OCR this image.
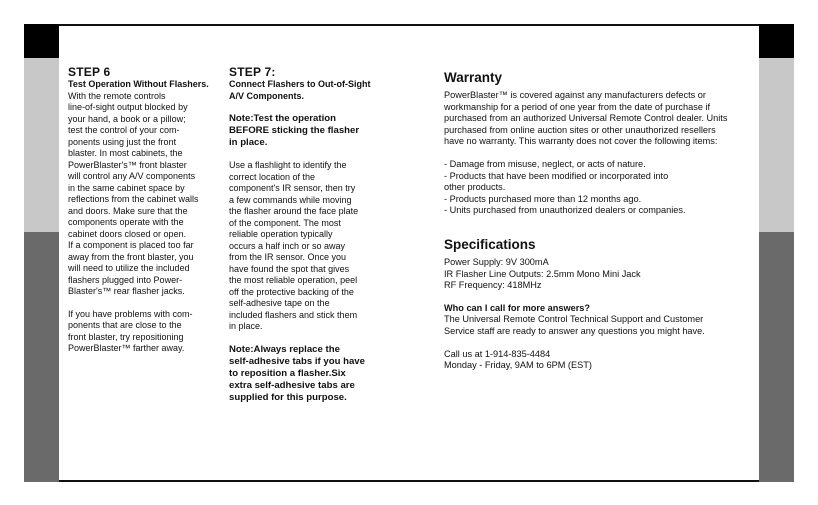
STEP 6
Test Operation Without Flashers.

With the remote controls
line-of-sight output blocked by
your hand, a book or a pillow;
test the control of your com-
ponents using just the front
blaster. In most cabinets, the
PowerBlaster's™ front blaster
will control any A/V components
in the same cabinet space by
reflections from the cabinet walls
and doors. Make sure that the
components operate with the
cabinet doors closed or open.
If a component is placed too far
away from the front blaster, you
will need to utilize the included
flashers plugged into Power-
Blaster's™ rear flasher jacks.

If you have problems with com-
ponents that are close to the
front blaster, try repositioning
PowerBlaster™ farther away.

STEP 7:
Connect Flashers to Out-of-Sight
A/V Components.

Note:Test the operation
BEFORE sticking the flasher
in place.

Use a flashlight to identify the
correct location of the
component's IR sensor, then try
a few commands while moving
the flasher around the face plate
of the component. The most
reliable operation typically
occurs a half inch or so away
from the IR sensor. Once you
have found the spot that gives
the most reliable operation, peel
off the protective backing of the
self-adhesive tape on the
included flashers and stick them
in place.

Note:Always replace the
self-adhesive tabs if you have
to reposition a flasher.Six
extra self-adhesive tabs are
supplied for this purpose.

Warranty

PowerBlaster™ is covered against any manufacturers defects or
workmanship for a period of one year from the date of purchase if
purchased from an authorized Universal Remote Control dealer. Units
purchased from online auction sites or other unauthorized resellers
have no warranty. This warranty does not cover the following items:

- Damage from misuse, neglect, or acts of nature.
- Products that have been modified or incorporated into
other products.
- Products purchased more than 12 months ago.
- Units purchased from unauthorized dealers or companies.
Specifications

Power Supply: 9V 300mA

IR Flasher Line Outputs: 2.5mm Mono Mini Jack

RF Frequency: 418MHz

Who can I call for more answers?

The Universal Remote Control Technical Support and Customer
Service staff are ready to answer any questions you might have.

Call us at 1-914-835-4484

Monday - Friday, 9AM to 6PM (EST)
